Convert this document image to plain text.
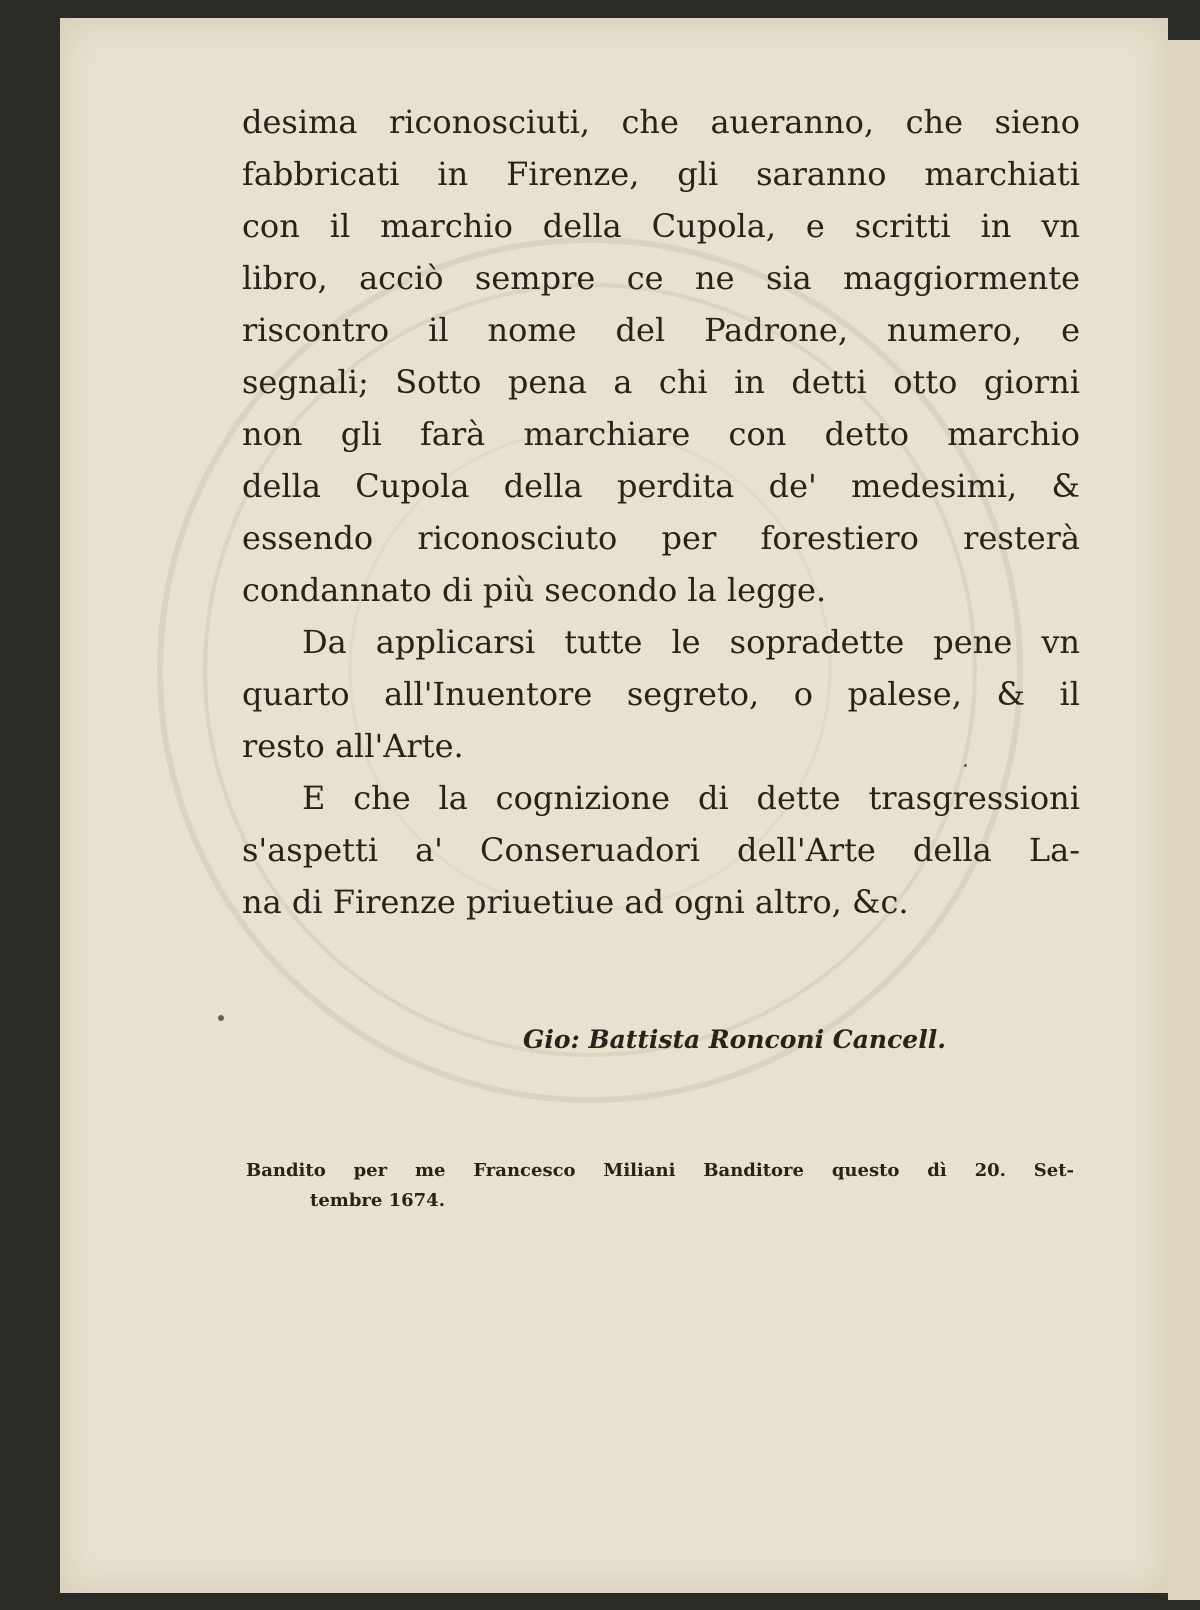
desima riconosciuti, che aueranno, che sieno
fabbricati in Firenze, gli saranno marchiati
con il marchio della Cupola, e scritti in vn
libro, acciò sempre ce ne sia maggiormente
riscontro il nome del Padrone, numero, e
segnali; Sotto pena a chi in detti otto giorni
non gli farà marchiare con detto marchio
della Cupola della perdita de' medesimi, &
essendo riconosciuto per forestiero resterà
condannato di più secondo la legge.
Da applicarsi tutte le sopradette pene vn
quarto all'Inuentore segreto, o palese, & il
resto all'Arte.
E che la cognizione di dette trasgressioni
s'aspetti a' Conseruadori dell'Arte della La-
na di Firenze priuetiue ad ogni altro, &c.
Gio: Battista Ronconi Cancell.
Bandito per me Francesco Miliani Banditore questo dì 20. Set-
tembre 1674.
